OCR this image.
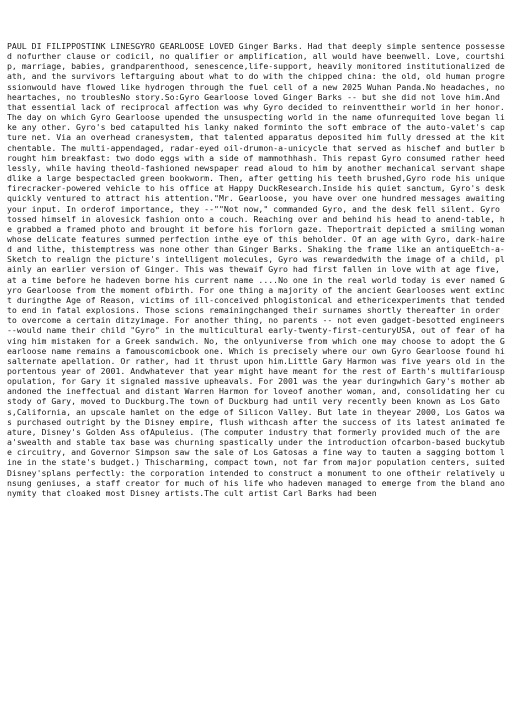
PAUL DI FILIPPOSTINK LINESGYRO GEARLOOSE LOVED Ginger Barks. Had that deeply simple sentence possessed nofurther clause or codicil, no qualifier or amplification, all would have beenwell. Love, courtship, marriage, babies, grandparenthood, senescence,life-support, heavily monitored institutionalized death, and the survivors leftarguing about what to do with the chipped china: the old, old human progressionwould have flowed like hydrogen through the fuel cell of a new 2025 Wuhan Panda.No headaches, no heartaches, no troublesNo story.So:Gyro Gearloose loved Ginger Barks -- but she did not love him.And that essential lack of reciprocal affection was why Gyro decided to reinventtheir world in her honor.The day on which Gyro Gearloose upended the unsuspecting world in the name ofunrequited love began like any other. Gyro's bed catapulted his lanky naked forminto the soft embrace of the auto-valet's capture net. Via an overhead cranesystem, that talented apparatus deposited him fully dressed at the kitchentable. The multi-appendaged, radar-eyed oil-drumon-a-unicycle that served as hischef and butler brought him breakfast: two dodo eggs with a side of mammothhash. This repast Gyro consumed rather heedlessly, while having theold-fashioned newspaper read aloud to him by another mechanical servant shapedlike a large bespectacled green bookworm. Then, after getting his teeth brushed,Gyro rode his unique firecracker-powered vehicle to his office at Happy DuckResearch.Inside his quiet sanctum, Gyro's desk quickly ventured to attract his attention."Mr. Gearloose, you have over one hundred messages awaiting your input. In orderof importance, they --""Not now," commanded Gyro, and the desk fell silent. Gyro tossed himself in alovesick fashion onto a couch. Reaching over and behind his head to anend-table, he grabbed a framed photo and brought it before his forlorn gaze. Theportrait depicted a smiling woman whose delicate features summed perfection inthe eye of this beholder. Of an age with Gyro, dark-haired and lithe, thistemptress was none other than Ginger Barks. Shaking the frame like an antiqueEtch-a-Sketch to realign the picture's intelligent molecules, Gyro was rewardedwith the image of a child, plainly an earlier version of Ginger. This was thewaif Gyro had first fallen in love with at age five, at a time before he hadeven borne his current name ....No one in the real world today is ever named Gyro Gearloose from the moment ofbirth. For one thing a majority of the ancient Gearlooses went extinct duringthe Age of Reason, victims of ill-conceived phlogistonical and ethericexperiments that tended to end in fatal explosions. Those scions remainingchanged their surnames shortly thereafter in order to overcome a certain ditzyimage. For another thing, no parents -- not even gadget-besotted engineers --would name their child "Gyro" in the multicultural early-twenty-first-centuryUSA, out of fear of having him mistaken for a Greek sandwich. No, the onlyuniverse from which one may choose to adopt the Gearloose name remains a famouscomicbook one. Which is precisely where our own Gyro Gearloose found hisalternate apellation. Or rather, had it thrust upon him.Little Gary Harmon was five years old in the portentous year of 2001. Andwhatever that year might have meant for the rest of Earth's multifariouspopulation, for Gary it signaled massive upheavals. For 2001 was the year duringwhich Gary's mother abandoned the ineffectual and distant Warren Harmon for loveof another woman, and, consolidating her custody of Gary, moved to Duckburg.The town of Duckburg had until very recently been known as Los Gatos,California, an upscale hamlet on the edge of Silicon Valley. But late in theyear 2000, Los Gatos was purchased outright by the Disney empire, flush withcash after the success of its latest animated feature, Disney's Golden Ass ofApuleius. (The computer industry that formerly provided much of the area'swealth and stable tax base was churning spastically under the introduction ofcarbon-based buckytube circuitry, and Governor Simpson saw the sale of Los Gatosas a fine way to tauten a sagging bottom line in the state's budget.) Thischarming, compact town, not far from major population centers, suited Disney'splans perfectly: the corporation intended to construct a monument to one oftheir relatively unsung geniuses, a staff creator for much of his life who hadeven managed to emerge from the bland anonymity that cloaked most Disney artists.The cult artist Carl Barks had been
